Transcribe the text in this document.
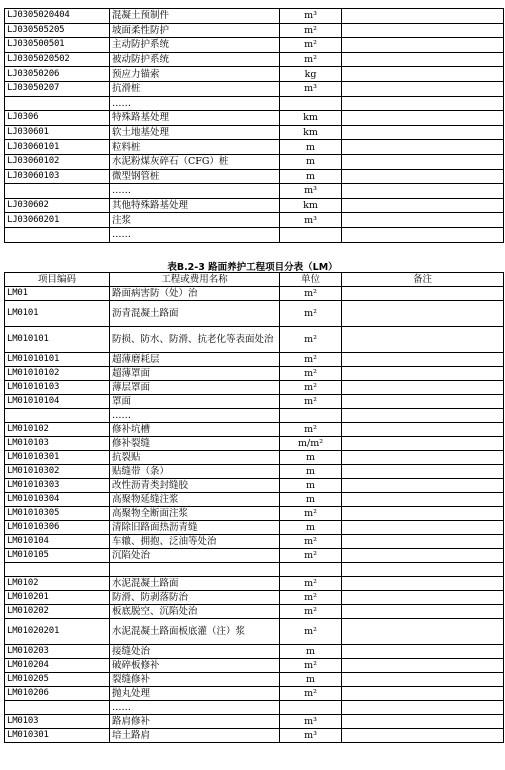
LJ0305020404	混凝土预制件	m³	
LJ030505205	坡面柔性防护	m²	
LJ030500501	主动防护系统	m²	
LJ0305020502	被动防护系统	m²	
LJ03050206	预应力锚索	kg	
LJ03050207	抗滑桩	m³	
	……		
LJ0306	特殊路基处理	km	
LJ030601	软土地基处理	km	
LJ03060101	粒料桩	m	
LJ03060102	水泥粉煤灰碎石（CFG）桩	m	
LJ03060103	微型钢管桩	m	
	……	m³	
LJ030602	其他特殊路基处理	km	
LJ03060201	注浆	m³	
	……		
表B.2-3 路面养护工程项目分表（LM）
项目编码	工程或费用名称	单位	备注
LM01	路面病害防（处）治	m²	
LM0101	沥青混凝土路面	m²	
LM010101	防损、防水、防滑、抗老化等表面处治	m²	
LM01010101	超薄磨耗层	m²	
LM01010102	超薄罩面	m²	
LM01010103	薄层罩面	m²	
LM01010104	罩面	m²	
	……		
LM010102	修补坑槽	m²	
LM010103	修补裂缝	m/m²	
LM01010301	抗裂贴	m	
LM01010302	贴缝带（条）	m	
LM01010303	改性沥青类封缝胶	m	
LM01010304	高聚物延缝注浆	m	
LM01010305	高聚物全断面注浆	m²	
LM01010306	清除旧路面热沥青缝	m	
LM010104	车辙、拥抱、泛油等处治	m²	
LM010105	沉陷处治	m²	

LM0102	水泥混凝土路面	m²	
LM010201	防滑、防剥落防治	m²	
LM010202	板底脱空、沉陷处治	m²	
LM01020201	水泥混凝土路面板底灌（注）浆	m²	
LM010203	接缝处治	m	
LM010204	破碎板修补	m²	
LM010205	裂缝修补	m	
LM010206	抛丸处理	m²	
	……		
LM0103	路肩修补	m³	
LM010301	培土路肩	m³	
